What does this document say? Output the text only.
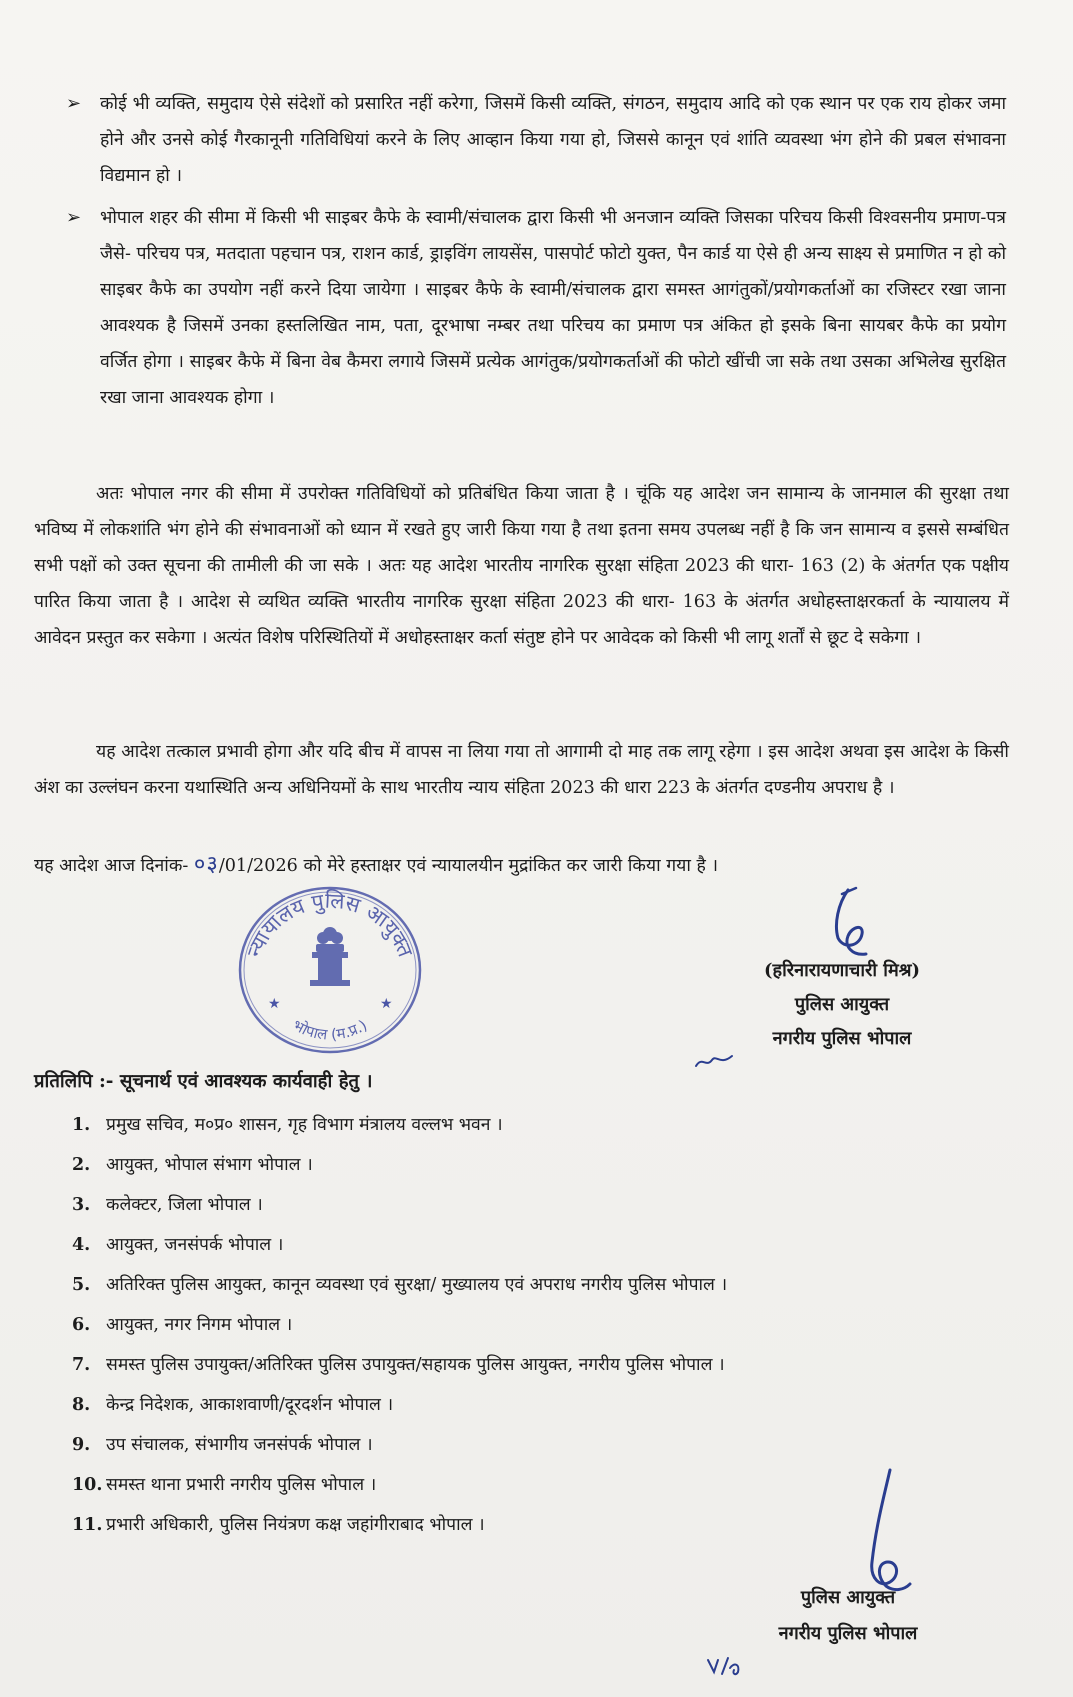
➢ कोई भी व्यक्ति, समुदाय ऐसे संदेशों को प्रसारित नहीं करेगा, जिसमें किसी व्यक्ति, संगठन, समुदाय आदि को एक स्थान पर एक राय होकर जमा होने और उनसे कोई गैरकानूनी गतिविधियां करने के लिए आव्हान किया गया हो, जिससे कानून एवं शांति व्यवस्था भंग होने की प्रबल संभावना विद्यमान हो ।
➢ भोपाल शहर की सीमा में किसी भी साइबर कैफे के स्वामी/संचालक द्वारा किसी भी अनजान व्यक्ति जिसका परिचय किसी विश्वसनीय प्रमाण-पत्र जैसे- परिचय पत्र, मतदाता पहचान पत्र, राशन कार्ड, ड्राइविंग लायसेंस, पासपोर्ट फोटो युक्त, पैन कार्ड या ऐसे ही अन्य साक्ष्य से प्रमाणित न हो को साइबर कैफे का उपयोग नहीं करने दिया जायेगा । साइबर कैफे के स्वामी/संचालक द्वारा समस्त आगंतुकों/प्रयोगकर्ताओं का रजिस्टर रखा जाना आवश्यक है जिसमें उनका हस्तलिखित नाम, पता, दूरभाषा नम्बर तथा परिचय का प्रमाण पत्र अंकित हो इसके बिना सायबर कैफे का प्रयोग वर्जित होगा । साइबर कैफे में बिना वेब कैमरा लगाये जिसमें प्रत्येक आगंतुक/प्रयोगकर्ताओं की फोटो खींची जा सके तथा उसका अभिलेख सुरक्षित रखा जाना आवश्यक होगा ।
अतः भोपाल नगर की सीमा में उपरोक्त गतिविधियों को प्रतिबंधित किया जाता है । चूंकि यह आदेश जन सामान्य के जानमाल की सुरक्षा तथा भविष्य में लोकशांति भंग होने की संभावनाओं को ध्यान में रखते हुए जारी किया गया है तथा इतना समय उपलब्ध नहीं है कि जन सामान्य व इससे सम्बंधित सभी पक्षों को उक्त सूचना की तामीली की जा सके । अतः यह आदेश भारतीय नागरिक सुरक्षा संहिता 2023 की धारा- 163 (2) के अंतर्गत एक पक्षीय पारित किया जाता है । आदेश से व्यथित व्यक्ति भारतीय नागरिक सुरक्षा संहिता 2023 की धारा- 163 के अंतर्गत अधोहस्ताक्षरकर्ता के न्यायालय में आवेदन प्रस्तुत कर सकेगा । अत्यंत विशेष परिस्थितियों में अधोहस्ताक्षर कर्ता संतुष्ट होने पर आवेदक को किसी भी लागू शर्तों से छूट दे सकेगा ।
यह आदेश तत्काल प्रभावी होगा और यदि बीच में वापस ना लिया गया तो आगामी दो माह तक लागू रहेगा । इस आदेश अथवा इस आदेश के किसी अंश का उल्लंघन करना यथास्थिति अन्य अधिनियमों के साथ भारतीय न्याय संहिता 2023 की धारा 223 के अंतर्गत दण्डनीय अपराध है ।
यह आदेश आज दिनांक- ०३/01/2026 को मेरे हस्ताक्षर एवं न्यायालयीन मुद्रांकित कर जारी किया गया है ।
न्यायालय पुलिस आयुक्त
भोपाल (म.प्र.)
★	★
(हरिनारायणाचारी मिश्र)
पुलिस आयुक्त
नगरीय पुलिस भोपाल
प्रतिलिपि :- सूचनार्थ एवं आवश्यक कार्यवाही हेतु ।
1. प्रमुख सचिव, म०प्र० शासन, गृह विभाग मंत्रालय वल्लभ भवन ।
2. आयुक्त, भोपाल संभाग भोपाल ।
3. कलेक्टर, जिला भोपाल ।
4. आयुक्त, जनसंपर्क भोपाल ।
5. अतिरिक्त पुलिस आयुक्त, कानून व्यवस्था एवं सुरक्षा/ मुख्यालय एवं अपराध नगरीय पुलिस भोपाल ।
6. आयुक्त, नगर निगम भोपाल ।
7. समस्त पुलिस उपायुक्त/अतिरिक्त पुलिस उपायुक्त/सहायक पुलिस आयुक्त, नगरीय पुलिस भोपाल ।
8. केन्द्र निदेशक, आकाशवाणी/दूरदर्शन भोपाल ।
9. उप संचालक, संभागीय जनसंपर्क भोपाल ।
10. समस्त थाना प्रभारी नगरीय पुलिस भोपाल ।
11. प्रभारी अधिकारी, पुलिस नियंत्रण कक्ष जहांगीराबाद भोपाल ।
पुलिस आयुक्त
नगरीय पुलिस भोपाल
